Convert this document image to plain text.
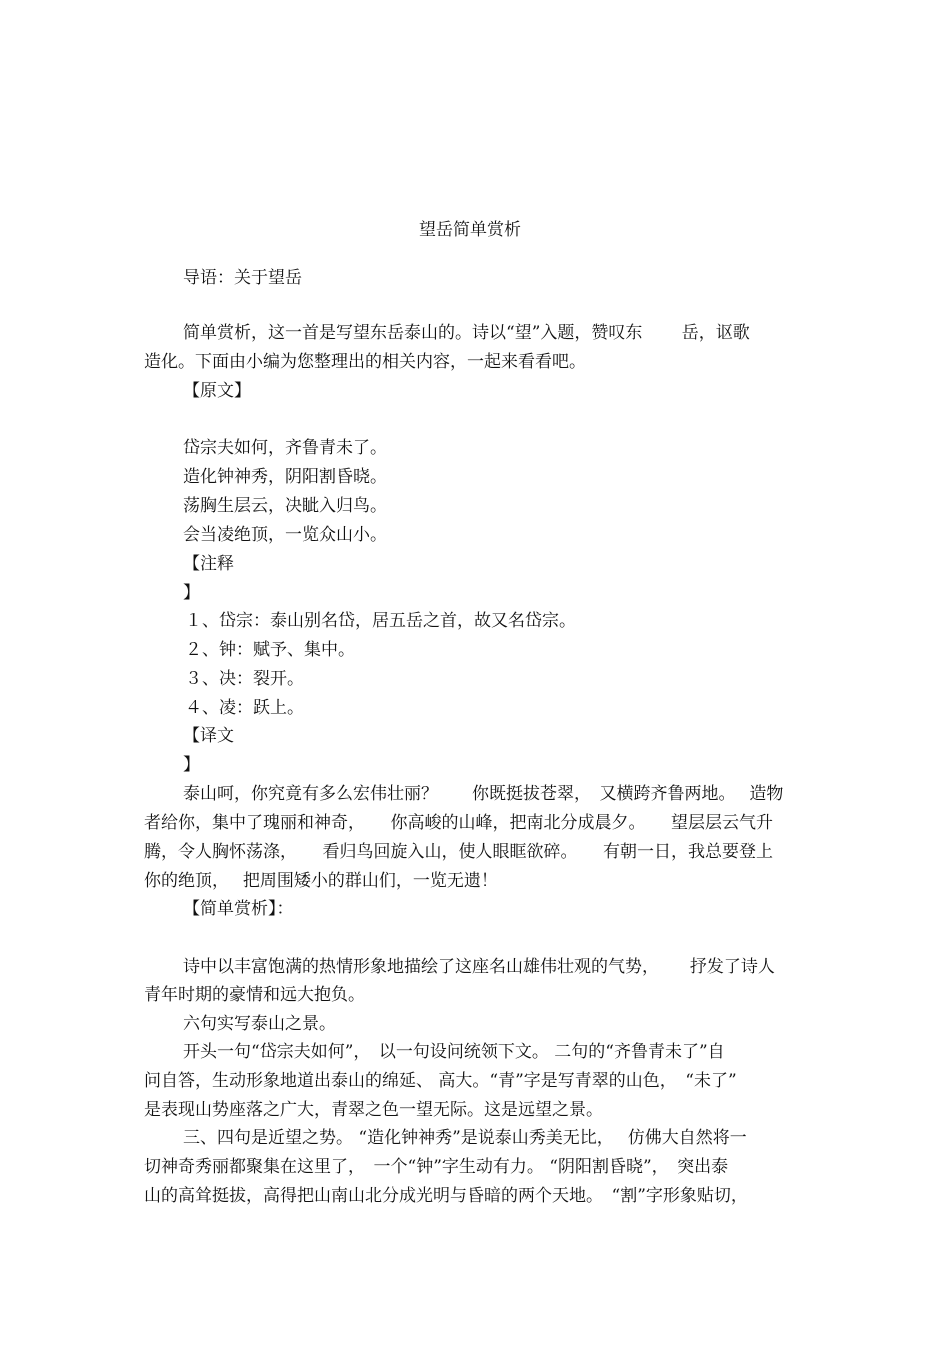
望岳简单赏析
导语：关于望岳
简单赏析，这一首是写望东岳泰山的。诗以“望”入题，赞叹东　　 岳，讴歌
造化。下面由小编为您整理出的相关内容，一起来看看吧。
【原文】
岱宗夫如何，齐鲁青未了。
造化钟神秀，阴阳割昏晓。
荡胸生层云，决眦入归鸟。
会当凌绝顶，一览众山小。
【注释
】
１、岱宗：泰山别名岱，居五岳之首，故又名岱宗。
２、钟：赋予、集中。
３、决：裂开。
４、凌：跃上。
【译文
】
泰山呵，你究竟有多么宏伟壮丽？　　你既挺拔苍翠，　又横跨齐鲁两地。　 造物
者给你，集中了瑰丽和神奇，　　你高峻的山峰，把南北分成晨夕。　　望层层云气升
腾，令人胸怀荡涤，　　看归鸟回旋入山，使人眼眶欲碎。　　有朝一日，我总要登上
你的绝顶，　 把周围矮小的群山们，一览无遗！
【简单赏析】：
诗中以丰富饱满的热情形象地描绘了这座名山雄伟壮观的气势，　　 抒发了诗人
青年时期的豪情和远大抱负。
六句实写泰山之景。
开头一句“岱宗夫如何”，　以一句设问统领下文。 二句的“齐鲁青未了”自
问自答，生动形象地道出泰山的绵延、 高大。“青”字是写青翠的山色，　“未了”
是表现山势座落之广大，青翠之色一望无际。这是远望之景。
三、四句是近望之势。 “造化钟神秀”是说泰山秀美无比，　 仿佛大自然将一
切神奇秀丽都聚集在这里了，　一个“钟”字生动有力。 “阴阳割昏晓”，　突出泰
山的高耸挺拔，高得把山南山北分成光明与昏暗的两个天地。　“割”字形象贴切，
